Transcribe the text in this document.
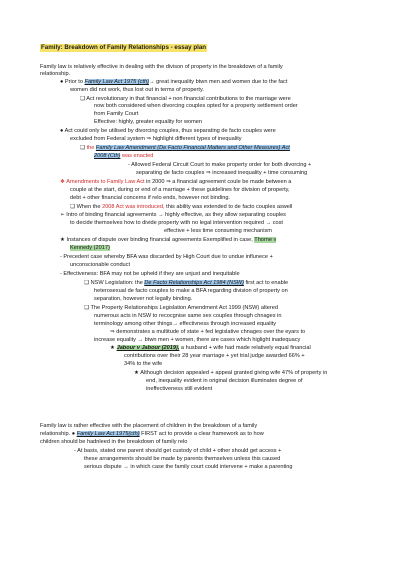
Family: Breakdown of Family Relationships - essay plan
Family law is relatively effective in dealing with the divison of property in the breakdown of a family
relationship.
● Prior to Family Law Act 1975 (cth)→ great inequality btwn men and women due to the fact
women did not work, thus lost out in terms of property.
❑ Act revolutionary in that financial + non financial contributions to the marriage were
now both considered when divorcing couples opted for a property settlement order
from Family Court
Effective: highly, greater equality for women
● Act could only be utilised by divorcing couples, thus separating de facto couples were
excluded from Federal system ⇒ highlight different types of inequality
❑ the Family Law Amendment (De Facto Financial Matters and Other Measures) Act
2008 (Cth) was enacted
- Allowed Federal Circuit Court to make property order for both divorcing +
separating de facto couples ⇒ increased inequality + time consuming
❖ Amendments to Family Law Act in 2000 ⇒ a financial agreement coule be made between a
couple at the start, during or end of a marriage + these guidelines for division of property,
debt + other financial concerns if relo ends, however not binding.
❑ When the 2008 Act was introduced, this ability was extended to de facto couples aswell
➢ Intro of binding financial agreements → highly effective, as they allow separating couples
to decide themselves how to divide property with no legal intervention required → cost
effective + less time consuming mechanism
★ Instances of dispute over binding financial agreements Exemplified in case, Thorne v
Kennedy (2017)
- Precedent case whereby BFA was discarded by High Court due to undue influnece +
unconscionable conduct
- Effectiveness: BFA may not be upheld if they are unjust and inequitable
❑ NSW Legislation: the De Facto Relationships Act 1984 (NSW) first act to enable
heterosexual de facto couples to make a BFA regarding division of property on
separation, however not legally binding.
❑ The Property Relationships Legislation Amendment Act 1999 (NSW) altered
numerous acts in NSW to recocgnise same sex couples through chnages in
terminology among other things→ effectivness through increased equality
⇒ demonstrates a multitude of state + fed legislative chnages over the eyars to
increase equality → btwn men + women, there are cases which higlight inadequacy
★ Jabour v Jabour (2019), a husband + wife had made relatively equal financial
contributions over their 28 year marriage + yet trial judge awarded 66% +
34% to the wife
★ Although decision appealed + appeal granted giving wife 47% of property in
end, inequality evident in original decision illuminates degree of
ineffectiveness still evident
Family law is rather effective with the placement of children in the breakdown of a family
relationship. ● Family Law Act 1975(cth) FIRST act to provide a clear framework as to how
children should be hadnleed in the breakdown of family relo
- At basis, stated one parent should get custody of child + other should get access +
these arrangements should be made by parents themselves unless this caused
serious dispute → in which case the family court could intervene + make a parenting
